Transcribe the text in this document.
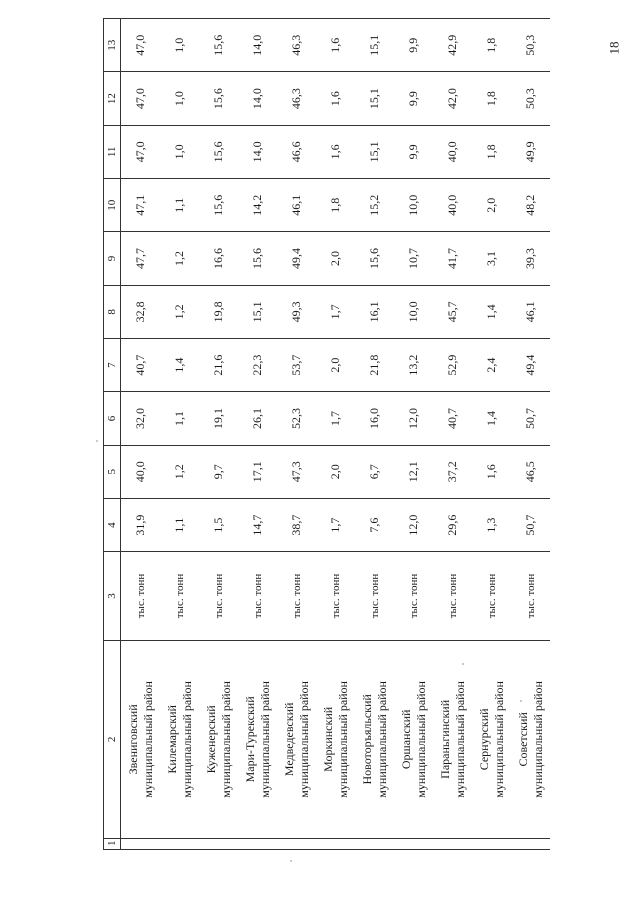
18
1	2	3	4	5	6	7	8	9	10	11	12	13

	Звениговский муниципальный район	тыс. тонн	31,9	40,0	32,0	40,7	32,8	47,7	47,1	47,0	47,0	47,0

	Килемарский муниципальный район	тыс. тонн	1,1	1,2	1,1	1,4	1,2	1,2	1,1	1,0	1,0	1,0

	Куженерский муниципальный район	тыс. тонн	1,5	9,7	19,1	21,6	19,8	16,6	15,6	15,6	15,6	15,6

	Мари-Турекский муниципальный район	тыс. тонн	14,7	17,1	26,1	22,3	15,1	15,6	14,2	14,0	14,0	14,0

	Медведевский муниципальный район	тыс. тонн	38,7	47,3	52,3	53,7	49,3	49,4	46,1	46,6	46,3	46,3

	Моркинский муниципальный район	тыс. тонн	1,7	2,0	1,7	2,0	1,7	2,0	1,8	1,6	1,6	1,6

	Новоторъяльский муниципальный район	тыс. тонн	7,6	6,7	16,0	21,8	16,1	15,6	15,2	15,1	15,1	15,1

	Оршанский муниципальный район	тыс. тонн	12,0	12,1	12,0	13,2	10,0	10,7	10,0	9,9	9,9	9,9

	Параньгинский муниципальный район	тыс. тонн	29,6	37,2	40,7	52,9	45,7	41,7	40,0	40,0	42,0	42,9

	Сернурский муниципальный район	тыс. тонн	1,3	1,6	1,4	2,4	1,4	3,1	2,0	1,8	1,8	1,8

	Советский муниципальный район	тыс. тонн	50,7	46,5	50,7	49,4	46,1	39,3	48,2	49,9	50,3	50,3
